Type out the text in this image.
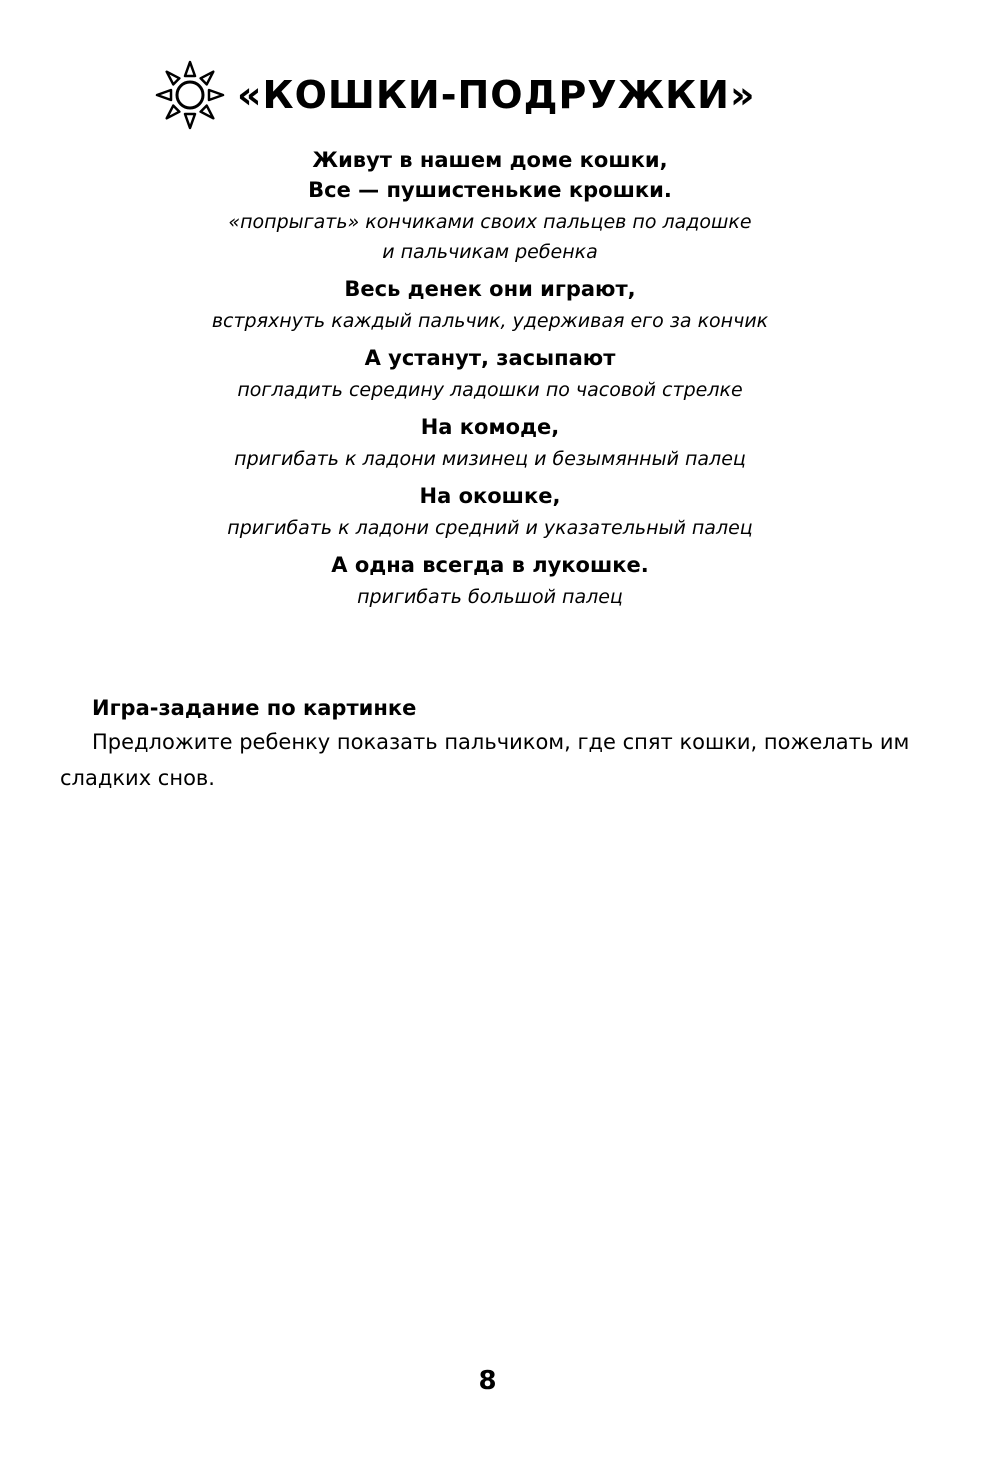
«КОШКИ-ПОДРУЖКИ»
Живут в нашем доме кошки,
Все — пушистенькие крошки.
«попрыгать» кончиками своих пальцев по ладошке
и пальчикам ребенка
Весь денек они играют,
встряхнуть каждый пальчик, удерживая его за кончик
А устанут, засыпают
погладить середину ладошки по часовой стрелке
На комоде,
пригибать к ладони мизинец и безымянный палец
На окошке,
пригибать к ладони средний и указательный палец
А одна всегда в лукошке.
пригибать большой палец
Игра-задание по картинке
Предложите ребенку показать пальчиком, где спят кошки, пожелать им сладких снов.
8
